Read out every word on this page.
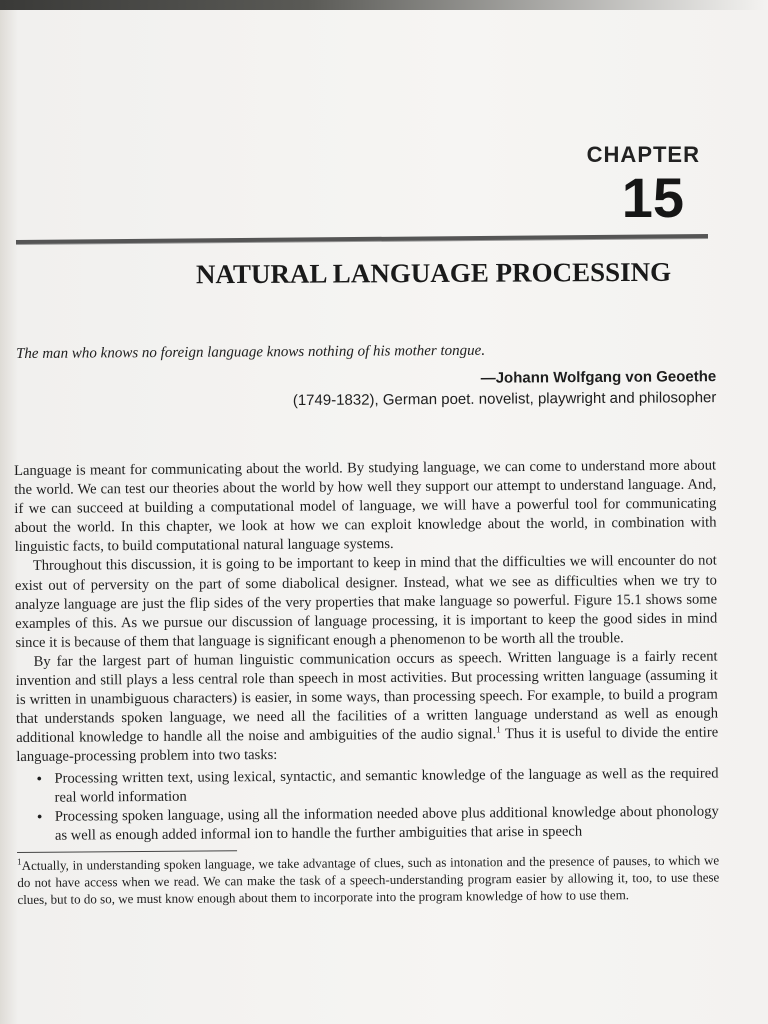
CHAPTER
15
NATURAL LANGUAGE PROCESSING

The man who knows no foreign language knows nothing of his mother tongue.

—Johann Wolfgang von Geoethe

(1749-1832), German poet. novelist, playwright and philosopher

Language is meant for communicating about the world. By studying language, we can come to understand more about the world. We can test our theories about the world by how well they support our attempt to understand language. And, if we can succeed at building a computational model of language, we will have a powerful tool for communicating about the world. In this chapter, we look at how we can exploit knowledge about the world, in combination with linguistic facts, to build computational natural language systems.

Throughout this discussion, it is going to be important to keep in mind that the difficulties we will encounter do not exist out of perversity on the part of some diabolical designer. Instead, what we see as difficulties when we try to analyze language are just the flip sides of the very properties that make language so powerful. Figure 15.1 shows some examples of this. As we pursue our discussion of language processing, it is important to keep the good sides in mind since it is because of them that language is significant enough a phenomenon to be worth all the trouble.

By far the largest part of human linguistic communication occurs as speech. Written language is a fairly recent invention and still plays a less central role than speech in most activities. But processing written language (assuming it is written in unambiguous characters) is easier, in some ways, than processing speech. For example, to build a program that understands spoken language, we need all the facilities of a written language understand as well as enough additional knowledge to handle all the noise and ambiguities of the audio signal.$^1$ Thus it is useful to divide the entire language-processing problem into two tasks:

• Processing written text, using lexical, syntactic, and semantic knowledge of the language as well as the required real world information
• Processing spoken language, using all the information needed above plus additional knowledge about phonology as well as enough added informal ion to handle the further ambiguities that arise in speech

$^1$Actually, in understanding spoken language, we take advantage of clues, such as intonation and the presence of pauses, to which we do not have access when we read. We can make the task of a speech-understanding program easier by allowing it, too, to use these clues, but to do so, we must know enough about them to incorporate into the program knowledge of how to use them.
